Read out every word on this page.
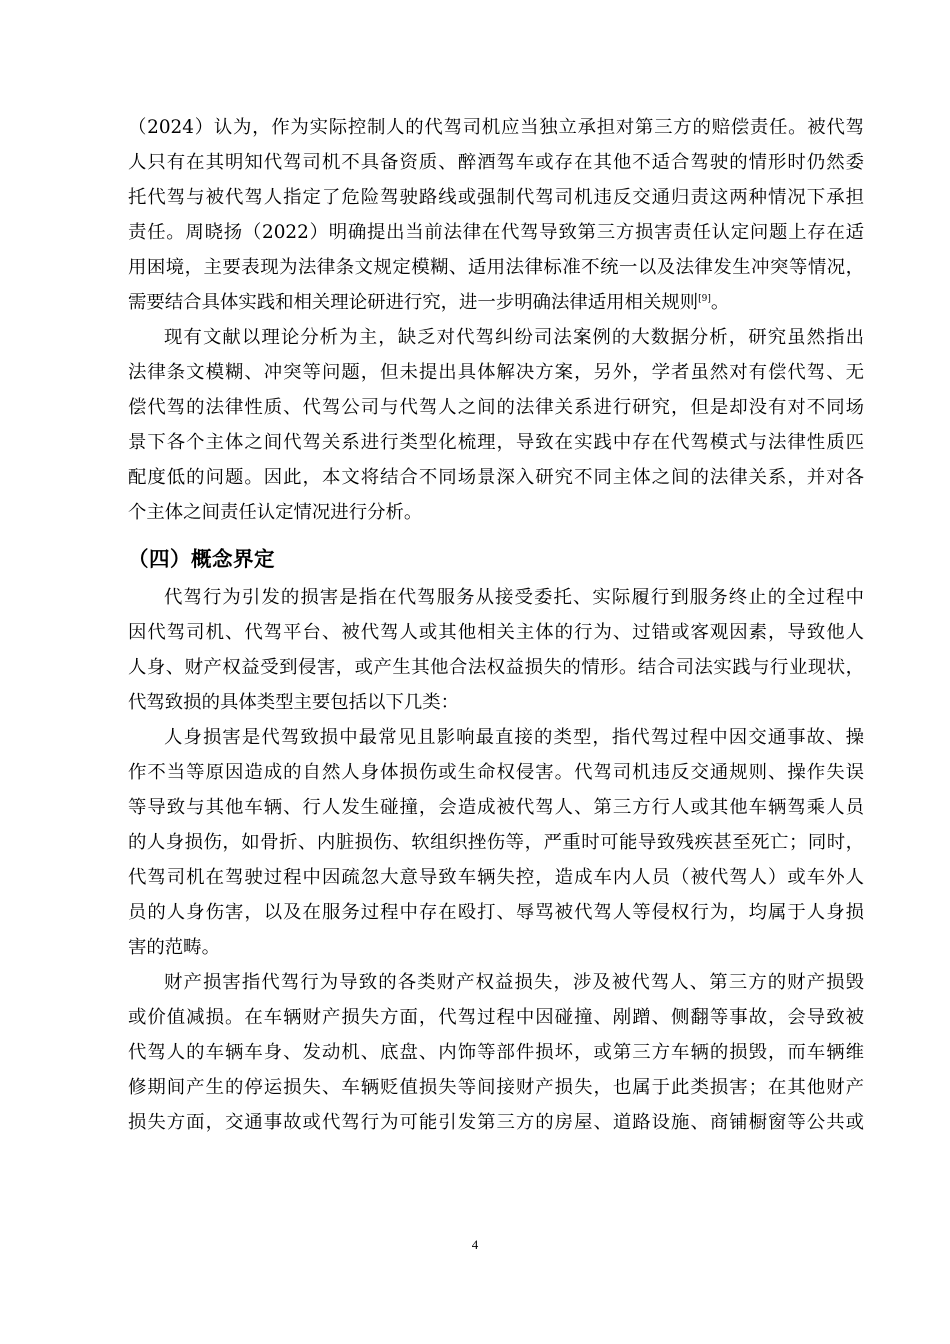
（2024）认为，作为实际控制人的代驾司机应当独立承担对第三方的赔偿责任。被代驾
人只有在其明知代驾司机不具备资质、醉酒驾车或存在其他不适合驾驶的情形时仍然委
托代驾与被代驾人指定了危险驾驶路线或强制代驾司机违反交通归责这两种情况下承担
责任。周晓扬（2022）明确提出当前法律在代驾导致第三方损害责任认定问题上存在适
用困境，主要表现为法律条文规定模糊、适用法律标准不统一以及法律发生冲突等情况，
需要结合具体实践和相关理论研进行究，进一步明确法律适用相关规则[9]。
现有文献以理论分析为主，缺乏对代驾纠纷司法案例的大数据分析，研究虽然指出
法律条文模糊、冲突等问题，但未提出具体解决方案，另外，学者虽然对有偿代驾、无
偿代驾的法律性质、代驾公司与代驾人之间的法律关系进行研究，但是却没有对不同场
景下各个主体之间代驾关系进行类型化梳理，导致在实践中存在代驾模式与法律性质匹
配度低的问题。因此，本文将结合不同场景深入研究不同主体之间的法律关系，并对各
个主体之间责任认定情况进行分析。
（四）概念界定
代驾行为引发的损害是指在代驾服务从接受委托、实际履行到服务终止的全过程中
因代驾司机、代驾平台、被代驾人或其他相关主体的行为、过错或客观因素，导致他人
人身、财产权益受到侵害，或产生其他合法权益损失的情形。结合司法实践与行业现状，
代驾致损的具体类型主要包括以下几类：
人身损害是代驾致损中最常见且影响最直接的类型，指代驾过程中因交通事故、操
作不当等原因造成的自然人身体损伤或生命权侵害。代驾司机违反交通规则、操作失误
等导致与其他车辆、行人发生碰撞，会造成被代驾人、第三方行人或其他车辆驾乘人员
的人身损伤，如骨折、内脏损伤、软组织挫伤等，严重时可能导致残疾甚至死亡；同时，
代驾司机在驾驶过程中因疏忽大意导致车辆失控，造成车内人员（被代驾人）或车外人
员的人身伤害，以及在服务过程中存在殴打、辱骂被代驾人等侵权行为，均属于人身损
害的范畴。
财产损害指代驾行为导致的各类财产权益损失，涉及被代驾人、第三方的财产损毁
或价值减损。在车辆财产损失方面，代驾过程中因碰撞、剐蹭、侧翻等事故，会导致被
代驾人的车辆车身、发动机、底盘、内饰等部件损坏，或第三方车辆的损毁，而车辆维
修期间产生的停运损失、车辆贬值损失等间接财产损失，也属于此类损害；在其他财产
损失方面，交通事故或代驾行为可能引发第三方的房屋、道路设施、商铺橱窗等公共或
4
